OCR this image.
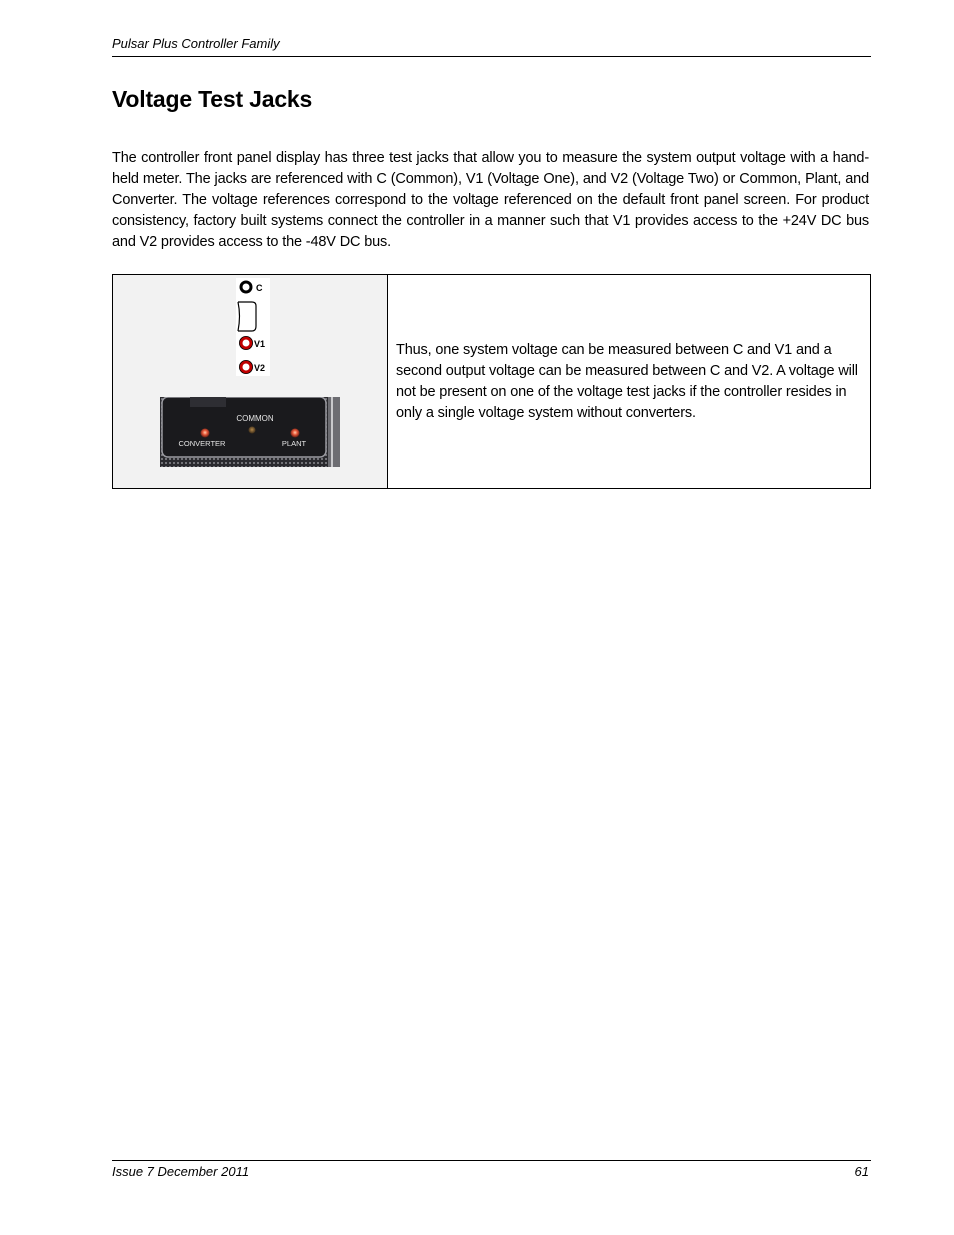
Pulsar Plus Controller Family
Voltage Test Jacks

The controller front panel display has three test jacks that allow you to measure the system output voltage with a hand-held meter. The jacks are referenced with C (Common), V1 (Voltage One), and V2 (Voltage Two) or Common, Plant, and Converter. The voltage references correspond to the voltage referenced on the default front panel screen. For product consistency, factory built systems connect the controller in a manner such that V1 provides access to the +24V DC bus and V2 provides access to the -48V DC bus.

C
V1
V2
COMMON
CONVERTER	PLANT

Thus, one system voltage can be measured between C and V1 and a second output voltage can be measured between C and V2. A voltage will not be present on one of the voltage test jacks if the controller resides in only a single voltage system without converters.

Issue 7 December 2011	61
